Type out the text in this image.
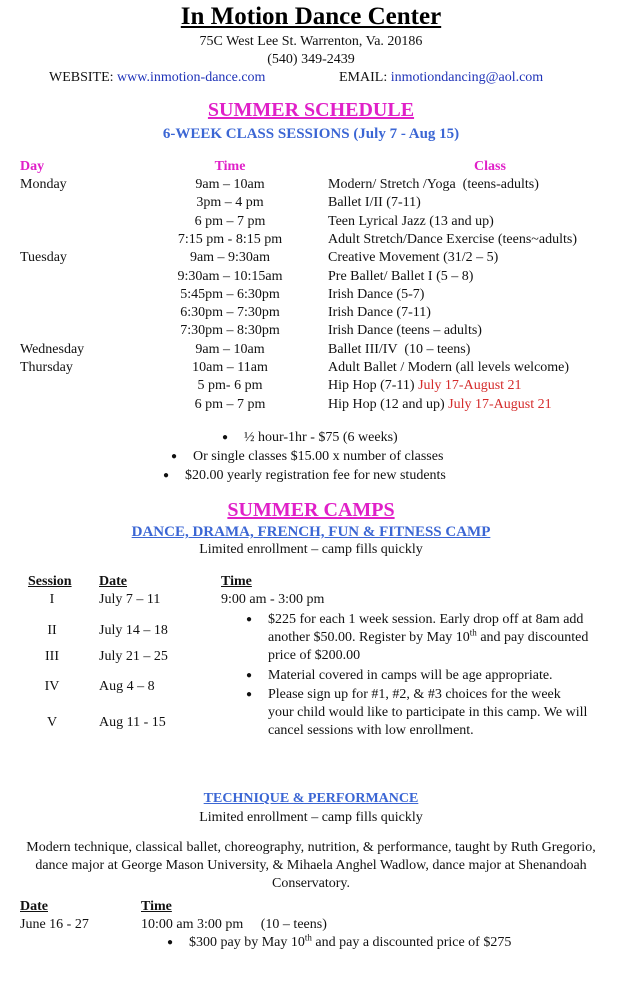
In Motion Dance Center
75C West Lee St. Warrenton, Va. 20186
(540) 349-2439
WEBSITE: www.inmotion-dance.com	EMAIL: inmotiondancing@aol.com
SUMMER SCHEDULE
6-WEEK CLASS SESSIONS (July 7 - Aug 15)
Day	Time	Class
Monday	9am – 10am	Modern/ Stretch /Yoga  (teens-adults)
3pm – 4 pm	Ballet I/II (7-11)
6 pm – 7 pm	Teen Lyrical Jazz (13 and up)
7:15 pm - 8:15 pm	Adult Stretch/Dance Exercise (teens~adults)
Tuesday	9am – 9:30am	Creative Movement (31/2 – 5)
9:30am – 10:15am	Pre Ballet/ Ballet I (5 – 8)
5:45pm – 6:30pm	Irish Dance (5-7)
6:30pm – 7:30pm	Irish Dance (7-11)
7:30pm – 8:30pm	Irish Dance (teens – adults)
Wednesday	9am – 10am	Ballet III/IV  (10 – teens)
Thursday	10am – 11am	Adult Ballet / Modern (all levels welcome)
5 pm- 6 pm	Hip Hop (7-11) July 17-August 21
6 pm – 7 pm	Hip Hop (12 and up) July 17-August 21
● ½ hour-1hr - $75 (6 weeks)
● Or single classes $15.00 x number of classes
● $20.00 yearly registration fee for new students
SUMMER CAMPS
DANCE, DRAMA, FRENCH, FUN & FITNESS CAMP
Limited enrollment – camp fills quickly
Session Date	Time
I	July 7 – 11
II	July 14 – 18
III	July 21 – 25
IV	Aug 4 – 8
V	Aug 11 - 15
9:00 am - 3:00 pm
● $225 for each 1 week session. Early drop off at 8am add another $50.00. Register by May 10th and pay discounted price of $200.00
● Material covered in camps will be age appropriate.
● Please sign up for #1, #2, & #3 choices for the week your child would like to participate in this camp. We will cancel sessions with low enrollment.
TECHNIQUE & PERFORMANCE
Limited enrollment – camp fills quickly
Modern technique, classical ballet, choreography, nutrition, & performance, taught by Ruth Gregorio, dance major at George Mason University, & Mihaela Anghel Wadlow, dance major at Shenandoah Conservatory.
Date	Time
June 16 - 27	10:00 am 3:00 pm     (10 – teens)
● $300 pay by May 10th and pay a discounted price of $275
